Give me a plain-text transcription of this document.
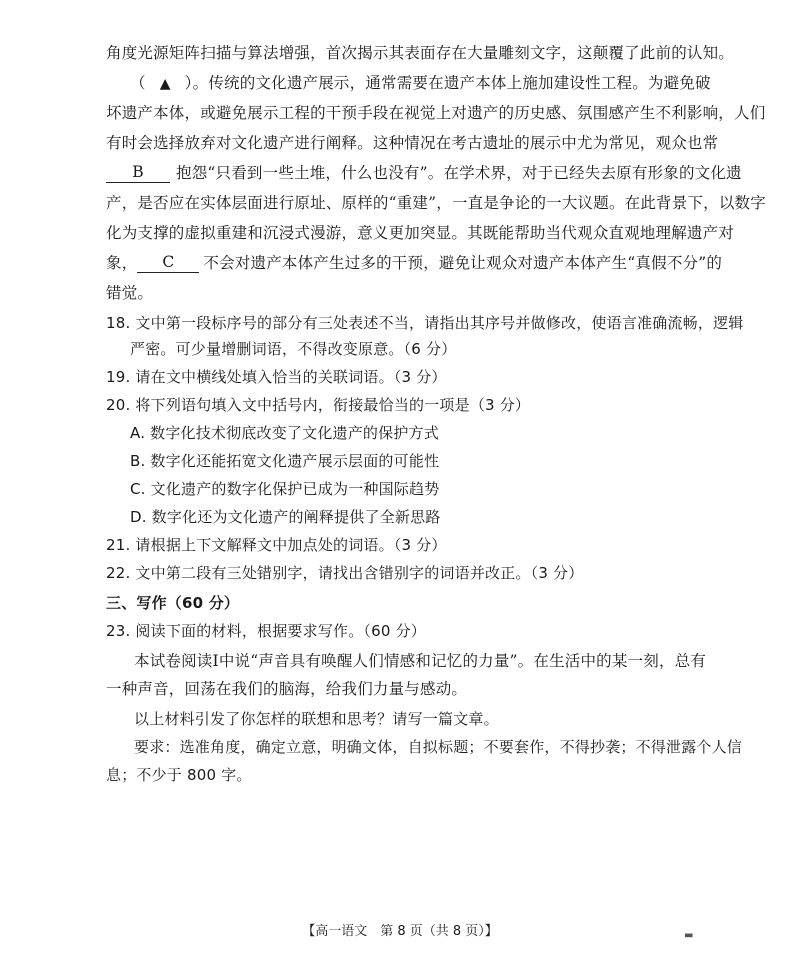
角度光源矩阵扫描与算法增强，首次揭示其表面存在大量雕刻文字，这颠覆了此前的认知。
（ ▲ ）。传统的文化遗产展示，通常需要在遗产本体上施加建设性工程。为避免破
坏遗产本体，或避免展示工程的干预手段在视觉上对遗产的历史感、氛围感产生不利影响，人们
有时会选择放弃对文化遗产进行阐释。这种情况在考古遗址的展示中尤为常见，观众也常
B 抱怨“只看到一些土堆，什么也没有”。在学术界，对于已经失去原有形象的文化遗
产，是否应在实体层面进行原址、原样的“重建”，一直是争论的一大议题。在此背景下，以数字
化为支撑的虚拟重建和沉浸式漫游，意义更加突显。其既能帮助当代观众直观地理解遗产对
象， C 不会对遗产本体产生过多的干预，避免让观众对遗产本体产生“真假不分”的
错觉。
18. 文中第一段标序号的部分有三处表述不当，请指出其序号并做修改，使语言准确流畅，逻辑
严密。可少量增删词语，不得改变原意。（6 分）
19. 请在文中横线处填入恰当的关联词语。（3 分）
20. 将下列语句填入文中括号内，衔接最恰当的一项是（3 分）
A. 数字化技术彻底改变了文化遗产的保护方式
B. 数字化还能拓宽文化遗产展示层面的可能性
C. 文化遗产的数字化保护已成为一种国际趋势
D. 数字化还为文化遗产的阐释提供了全新思路
21. 请根据上下文解释文中加点处的词语。（3 分）
22. 文中第二段有三处错别字，请找出含错别字的词语并改正。（3 分）
三、写作（60 分）
23. 阅读下面的材料，根据要求写作。（60 分）
本试卷阅读Ⅰ中说“声音具有唤醒人们情感和记忆的力量”。在生活中的某一刻，总有
一种声音，回荡在我们的脑海，给我们力量与感动。
以上材料引发了你怎样的联想和思考？请写一篇文章。
要求：选准角度，确定立意，明确文体，自拟标题；不要套作，不得抄袭；不得泄露个人信
息；不少于 800 字。
【高一语文　第 8 页（共 8 页）】	▬
